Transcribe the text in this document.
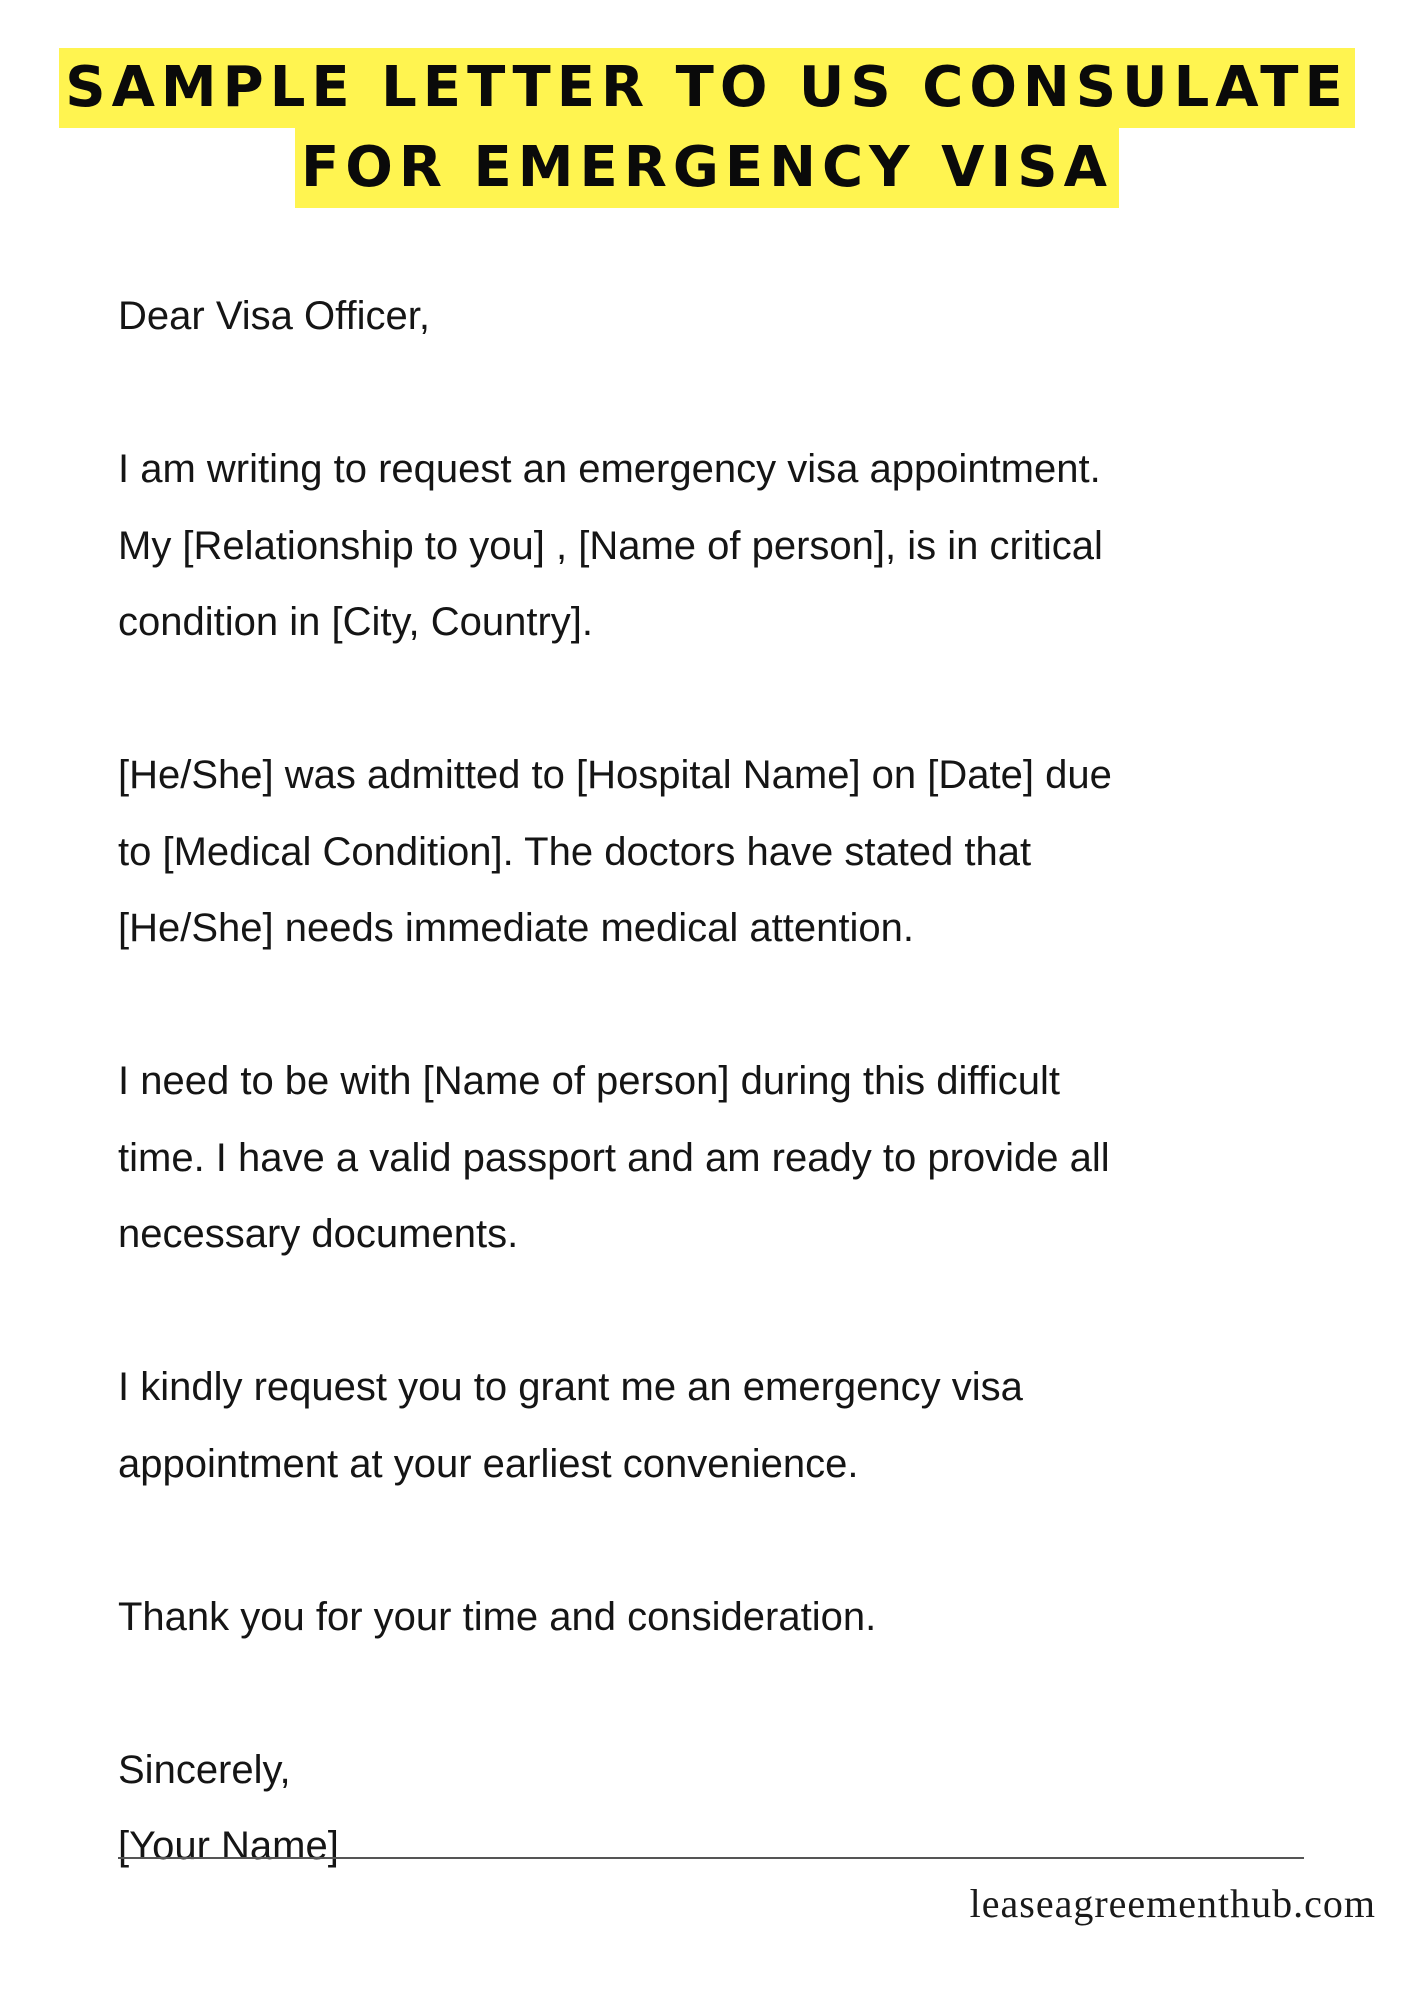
SAMPLE LETTER TO US CONSULATE
FOR EMERGENCY VISA
Dear Visa Officer,
I am writing to request an emergency visa appointment.
My [Relationship to you] , [Name of person], is in critical
condition in [City, Country].
[He/She] was admitted to [Hospital Name] on [Date] due
to [Medical Condition]. The doctors have stated that
[He/She] needs immediate medical attention.
I need to be with [Name of person] during this difficult
time. I have a valid passport and am ready to provide all
necessary documents.
I kindly request you to grant me an emergency visa
appointment at your earliest convenience.
Thank you for your time and consideration.
Sincerely,
[Your Name]
leaseagreementhub.com
